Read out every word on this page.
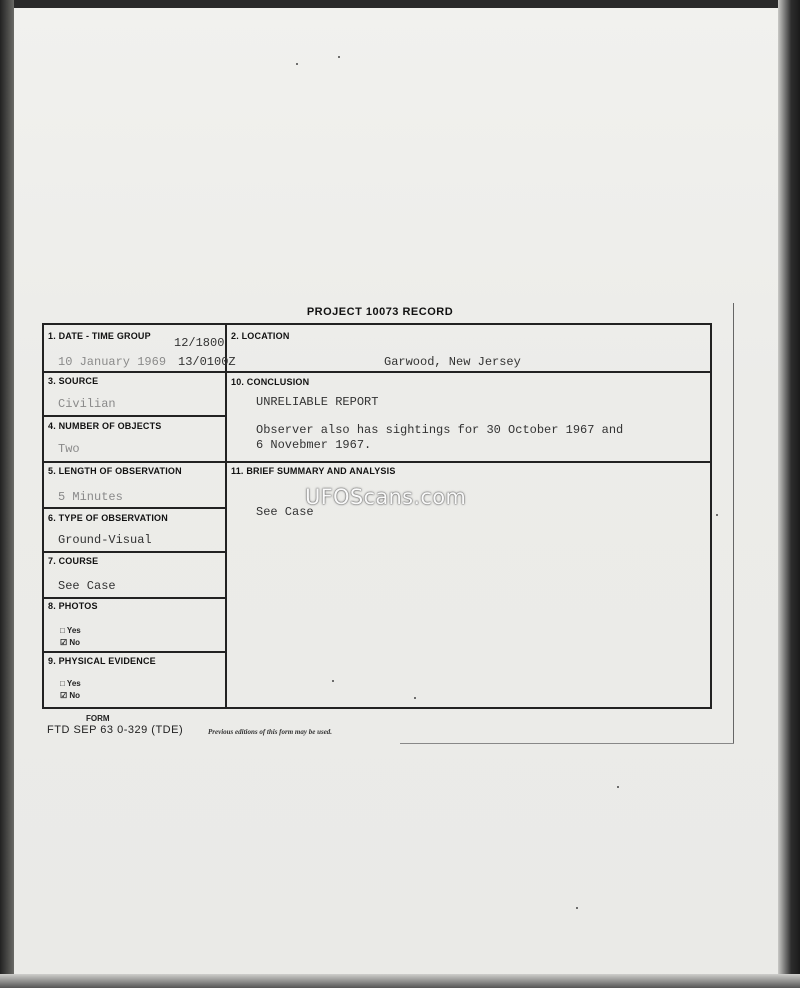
PROJECT 10073 RECORD
1. DATE - TIME GROUP 12/1800
10 January 1969 13/0100Z
2. LOCATION
Garwood, New Jersey
3. SOURCE
Civilian
4. NUMBER OF OBJECTS
Two
10. CONCLUSION
UNRELIABLE REPORT
Observer also has sightings for 30 October 1967 and
6 Novebmer 1967.
5. LENGTH OF OBSERVATION
5 Minutes
11. BRIEF SUMMARY AND ANALYSIS
See Case
6. TYPE OF OBSERVATION
Ground-Visual
7. COURSE
See Case
8. PHOTOS
□ Yes
☑ No
9. PHYSICAL EVIDENCE
□ Yes
☑ No
FORM
FTD SEP 63 0-329 (TDE)	Previous editions of this form may be used.
UFOScans.com
